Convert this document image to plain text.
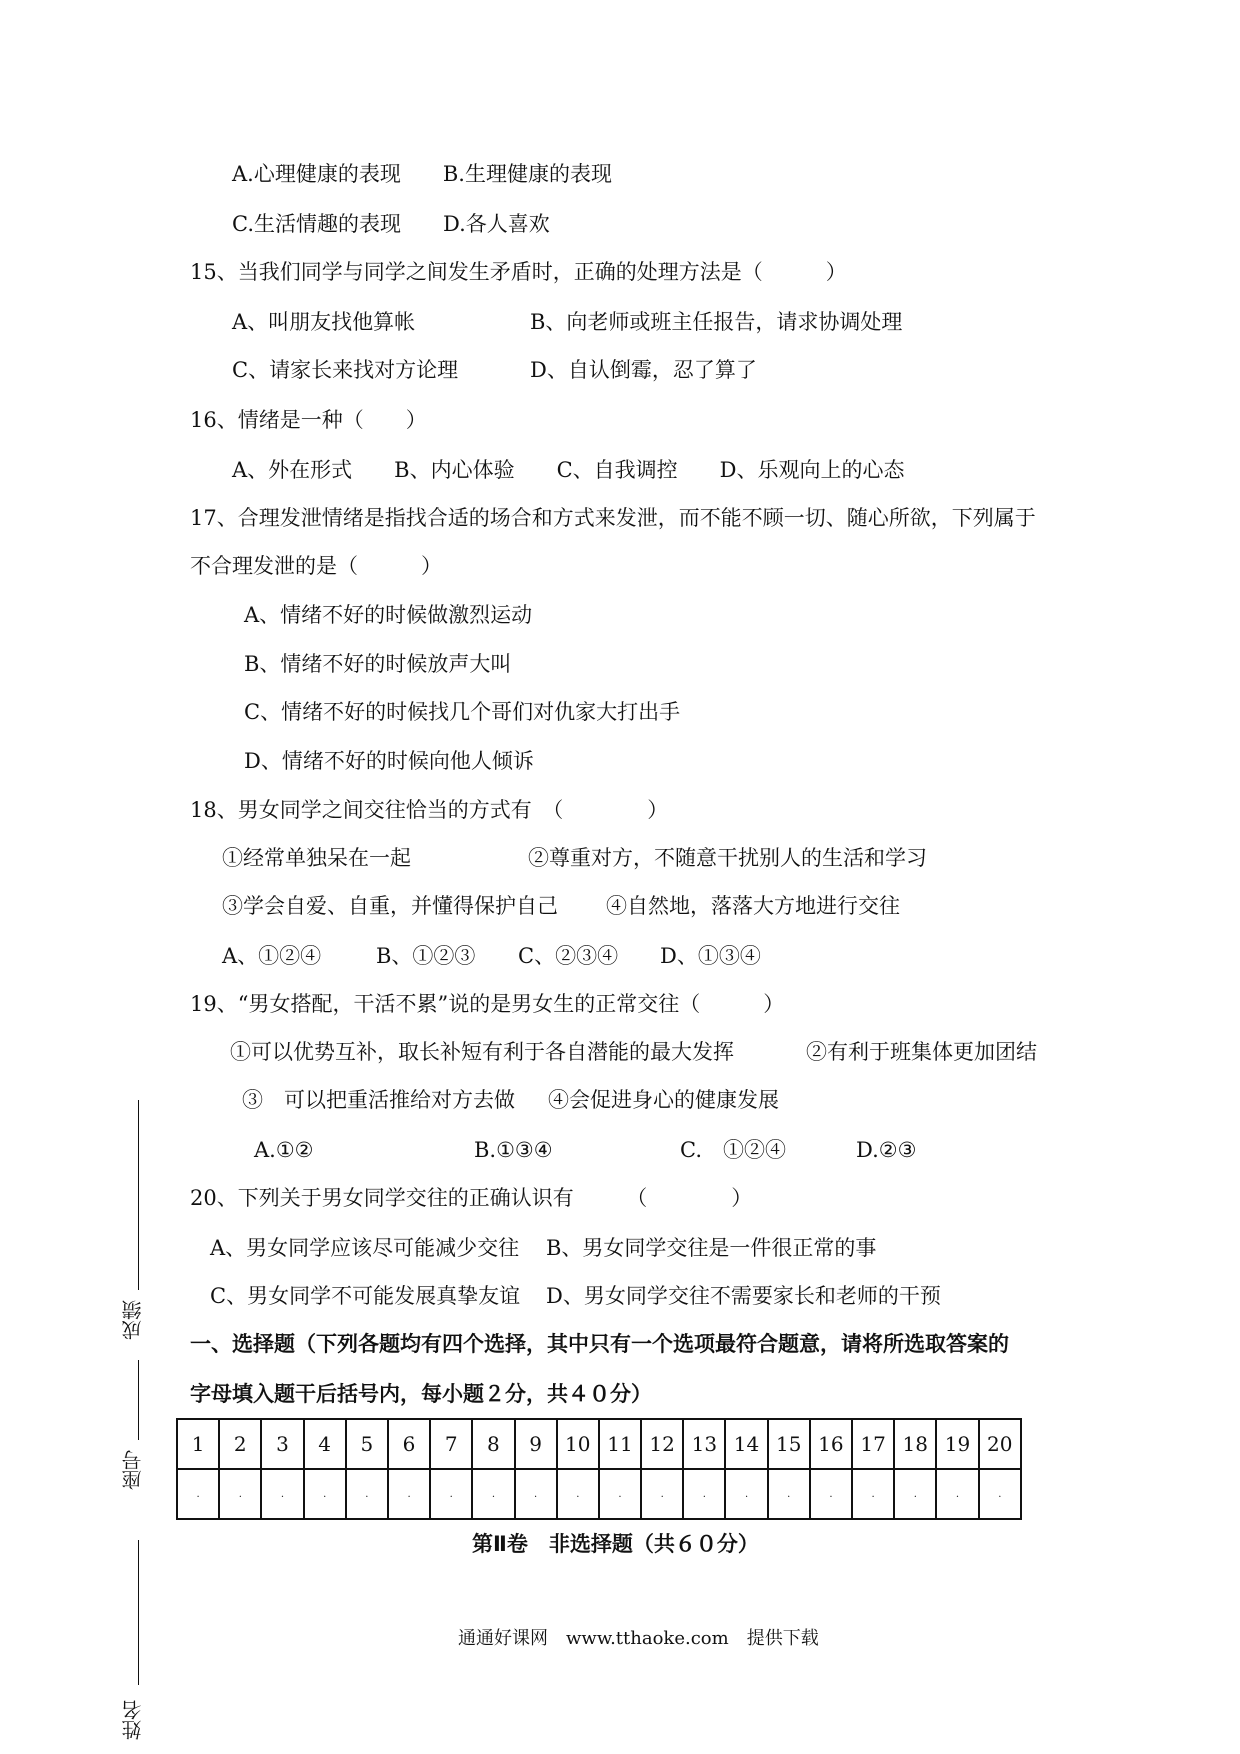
A.心理健康的表现　　B.生理健康的表现
C.生活情趣的表现　　D.各人喜欢
15、当我们同学与同学之间发生矛盾时，正确的处理方法是（　　　）
A、叫朋友找他算帐	B、向老师或班主任报告，请求协调处理
C、请家长来找对方论理	D、自认倒霉，忍了算了
16、情绪是一种（　　）
A、外在形式　　B、内心体验　　C、自我调控　　D、乐观向上的心态
17、合理发泄情绪是指找合适的场合和方式来发泄，而不能不顾一切、随心所欲，下列属于
不合理发泄的是（　　　）
A、情绪不好的时候做激烈运动
B、情绪不好的时候放声大叫
C、情绪不好的时候找几个哥们对仇家大打出手
D、情绪不好的时候向他人倾诉
18、男女同学之间交往恰当的方式有　（　　　　）
①经常单独呆在一起	②尊重对方，不随意干扰别人的生活和学习
③学会自爱、自重，并懂得保护自己 ④自然地，落落大方地进行交往
A、①②④	B、①②③ C、②③④ D、①③④
19、“男女搭配，干活不累”说的是男女生的正常交往（　　　）
①可以优势互补，取长补短有利于各自潜能的最大发挥	②有利于班集体更加团结
③　可以把重活推给对方去做 ④会促进身心的健康发展
A.①②	B.①③④	C.　①②④	D.②③
20、下列关于男女同学交往的正确认识有　　　（　　　　）
A、男女同学应该尽可能减少交往 B、男女同学交往是一件很正常的事
C、男女同学不可能发展真挚友谊 D、男女同学交往不需要家长和老师的干预
一、选择题（下列各题均有四个选择，其中只有一个选项最符合题意，请将所选取答案的
字母填入题干后括号内，每小题２分，共４０分）
1	2	3	4	5	6	7	8	9	10	11	12	13	14	15	16	17	18	19	20
.	.	.	.	.	.	.	.	.	.	.	.	.	.	.	.	.	.	.	.
第Ⅱ卷　非选择题（共６０分）
通通好课网　www.tthaoke.com　提供下载
成绩
座号
姓名
